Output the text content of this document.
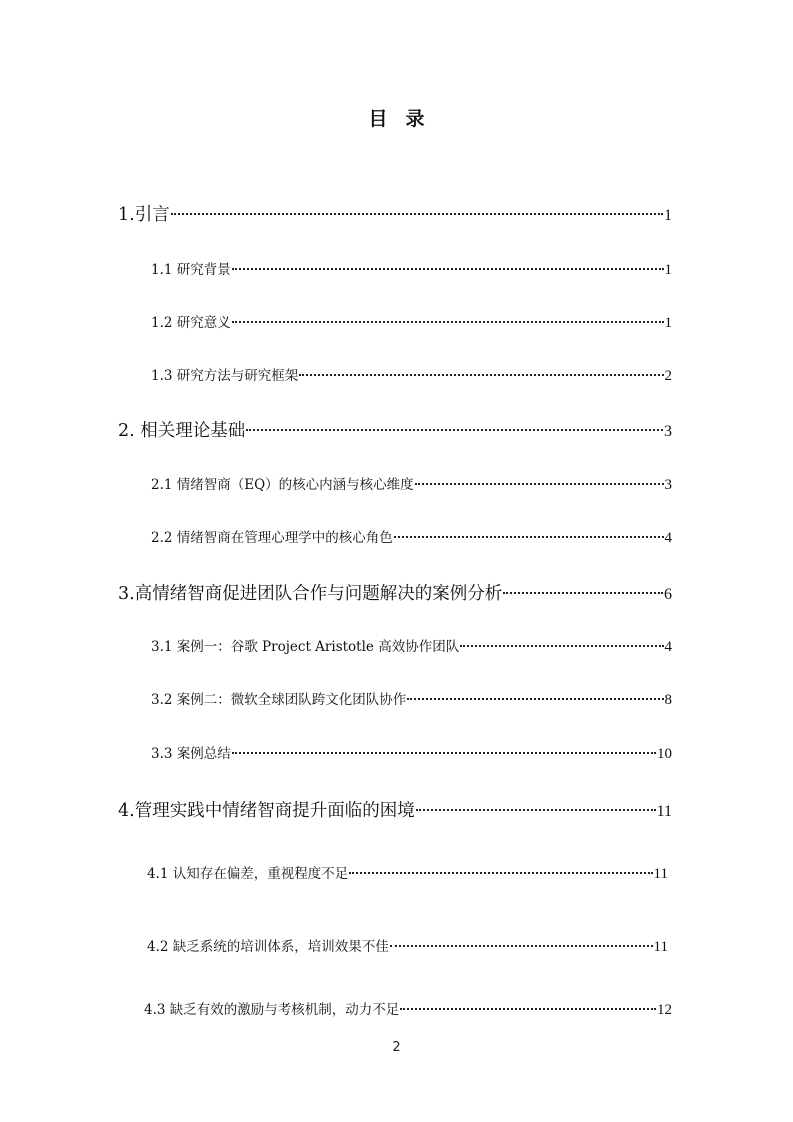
目录
1.引言	1
1.1 研究背景	1
1.2 研究意义	1
1.3 研究方法与研究框架	2
2. 相关理论基础	3
2.1 情绪智商（EQ）的核心内涵与核心维度	3
2.2 情绪智商在管理心理学中的核心角色	4
3.高情绪智商促进团队合作与问题解决的案例分析	6
3.1 案例一：谷歌 Project Aristotle 高效协作团队	4
3.2 案例二：微软全球团队跨文化团队协作	8
3.3 案例总结	10
4.管理实践中情绪智商提升面临的困境	11
4.1 认知存在偏差，重视程度不足	11
4.2 缺乏系统的培训体系，培训效果不佳	11
4.3 缺乏有效的激励与考核机制，动力不足	12
2
